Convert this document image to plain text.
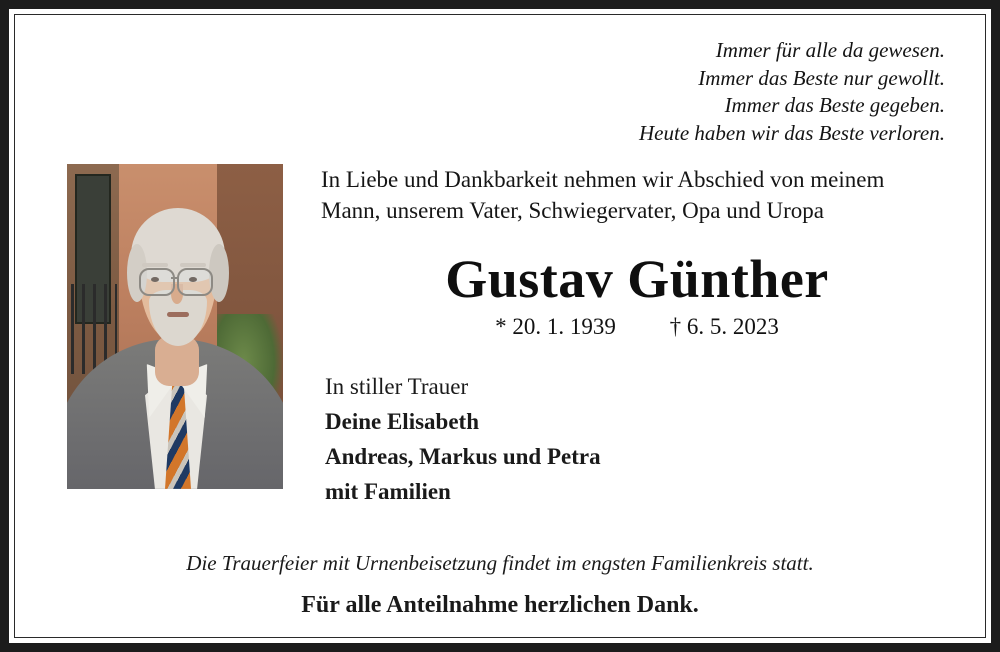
Immer für alle da gewesen.
Immer das Beste nur gewollt.
Immer das Beste gegeben.
Heute haben wir das Beste verloren.
In Liebe und Dankbarkeit nehmen wir Abschied von meinem
Mann, unserem Vater, Schwiegervater, Opa und Uropa
Gustav Günther
* 20. 1. 1939 † 6. 5. 2023
In stiller Trauer
Deine Elisabeth
Andreas, Markus und Petra
mit Familien
Die Trauerfeier mit Urnenbeisetzung findet im engsten Familienkreis statt.
Für alle Anteilnahme herzlichen Dank.
